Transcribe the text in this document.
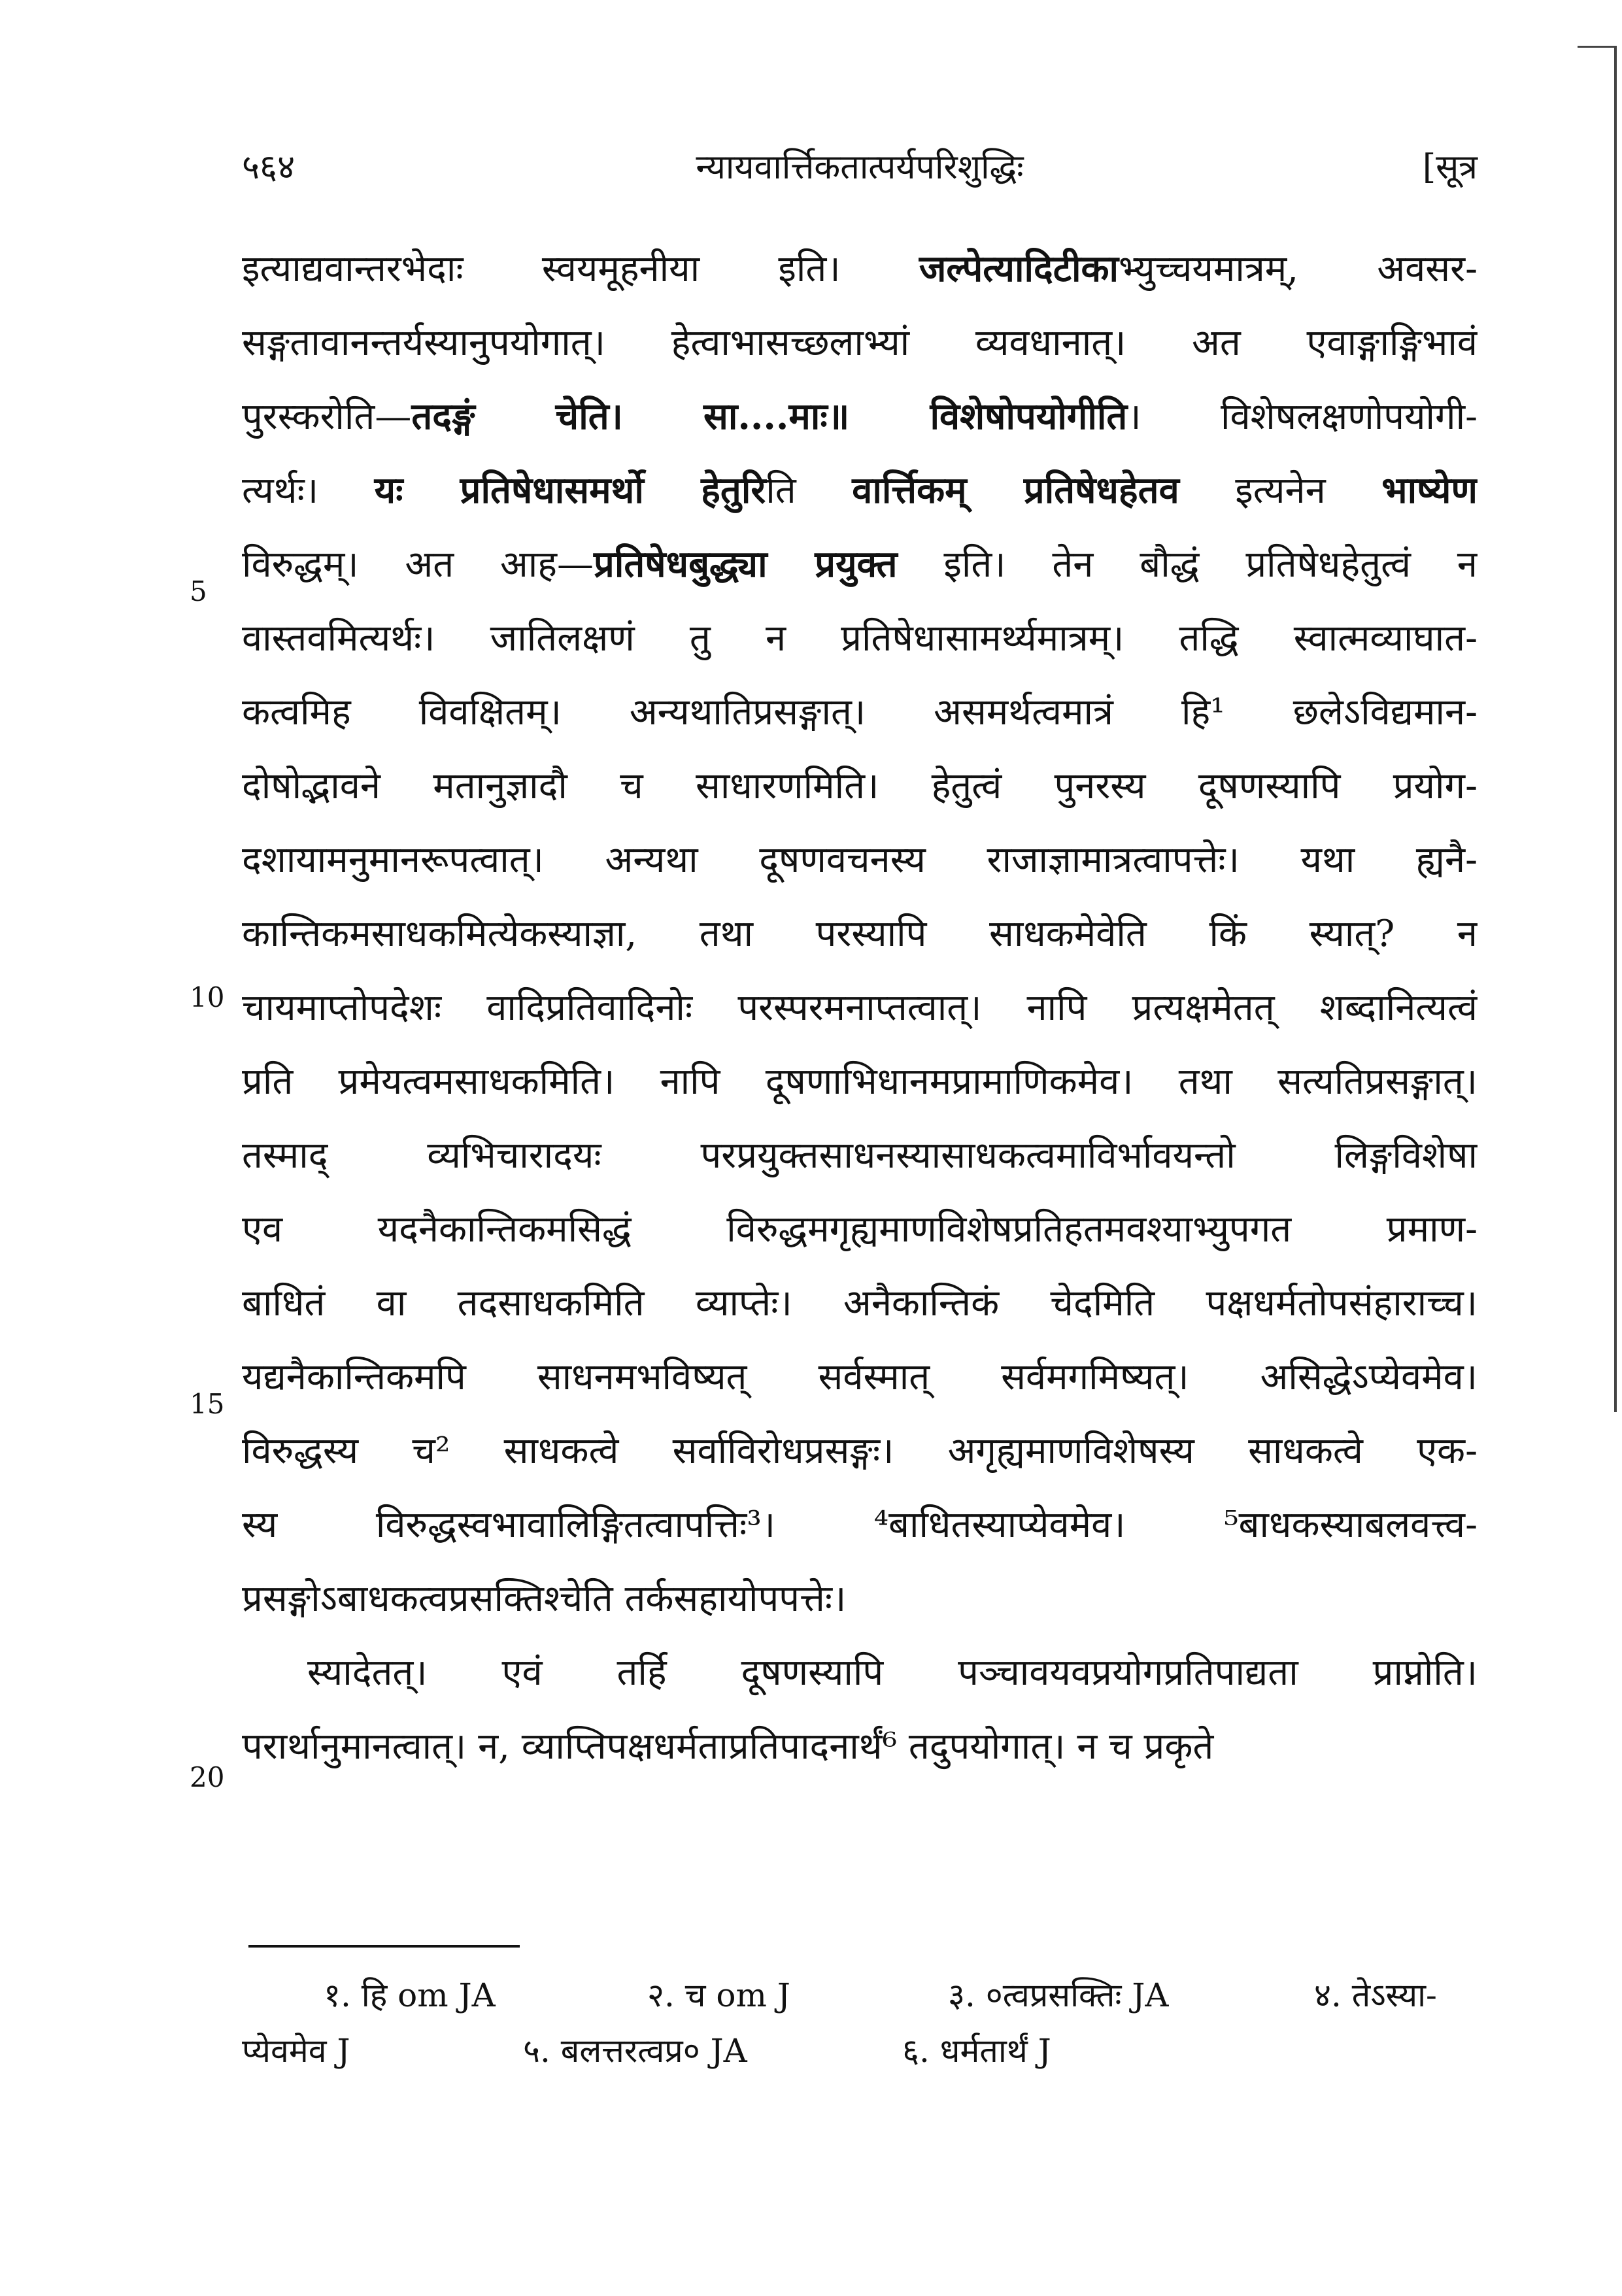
५६४	न्यायवार्त्तिकतात्पर्यपरिशुद्धिः	[सूत्र
5
10
15
20
इत्याद्यवान्तरभेदाः स्वयमूहनीया इति। जल्पेत्यादिटीकाभ्युच्चयमात्रम्, अवसर-
सङ्गतावानन्तर्यस्यानुपयोगात्। हेत्वाभासच्छलाभ्यां व्यवधानात्। अत एवाङ्गाङ्गिभावं
पुरस्करोति—तदङ्गं चेति। सा....माः॥ विशेषोपयोगीति। विशेषलक्षणोपयोगी-
त्यर्थः। यः प्रतिषेधासमर्थो हेतुरिति वार्त्तिकम् प्रतिषेधहेतव इत्यनेन भाष्येण
विरुद्धम्। अत आह—प्रतिषेधबुद्ध्या प्रयुक्त इति। तेन बौद्धं प्रतिषेधहेतुत्वं न
वास्तवमित्यर्थः। जातिलक्षणं तु न प्रतिषेधासामर्थ्यमात्रम्। तद्धि स्वात्मव्याघात-
कत्वमिह विवक्षितम्। अन्यथातिप्रसङ्गात्। असमर्थत्वमात्रं हि¹ छलेऽविद्यमान-
दोषोद्भावने मतानुज्ञादौ च साधारणमिति। हेतुत्वं पुनरस्य दूषणस्यापि प्रयोग-
दशायामनुमानरूपत्वात्। अन्यथा दूषणवचनस्य राजाज्ञामात्रत्वापत्तेः। यथा ह्यनै-
कान्तिकमसाधकमित्येकस्याज्ञा, तथा परस्यापि साधकमेवेति किं स्यात्? न
चायमाप्तोपदेशः वादिप्रतिवादिनोः परस्परमनाप्तत्वात्। नापि प्रत्यक्षमेतत् शब्दानित्यत्वं
प्रति प्रमेयत्वमसाधकमिति। नापि दूषणाभिधानमप्रामाणिकमेव। तथा सत्यतिप्रसङ्गात्।
तस्माद् व्यभिचारादयः परप्रयुक्तसाधनस्यासाधकत्वमाविर्भावयन्तो लिङ्गविशेषा
एव यदनैकान्तिकमसिद्धं विरुद्धमगृह्यमाणविशेषप्रतिहतमवश्याभ्युपगत प्रमाण-
बाधितं वा तदसाधकमिति व्याप्तेः। अनैकान्तिकं चेदमिति पक्षधर्मतोपसंहाराच्च।
यद्यनैकान्तिकमपि साधनमभविष्यत् सर्वस्मात् सर्वमगमिष्यत्। असिद्धेऽप्येवमेव।
विरुद्धस्य च² साधकत्वे सर्वाविरोधप्रसङ्गः। अगृह्यमाणविशेषस्य साधकत्वे एक-
स्य विरुद्धस्वभावालिङ्गितत्वापत्तिः³। ⁴बाधितस्याप्येवमेव। ⁵बाधकस्याबलवत्त्व-
प्रसङ्गोऽबाधकत्वप्रसक्तिश्चेति तर्कसहायोपपत्तेः।
स्यादेतत्। एवं तर्हि दूषणस्यापि पञ्चावयवप्रयोगप्रतिपाद्यता प्राप्नोति।
परार्थानुमानत्वात्। न, व्याप्तिपक्षधर्मताप्रतिपादनार्थं⁶ तदुपयोगात्। न च प्रकृते
१. हि om JA	२. च om J	३. ०त्वप्रसक्तिः JA	४. तेऽस्या-
प्येवमेव J	५. बलत्तरत्वप्र० JA	६. धर्मतार्थं J
